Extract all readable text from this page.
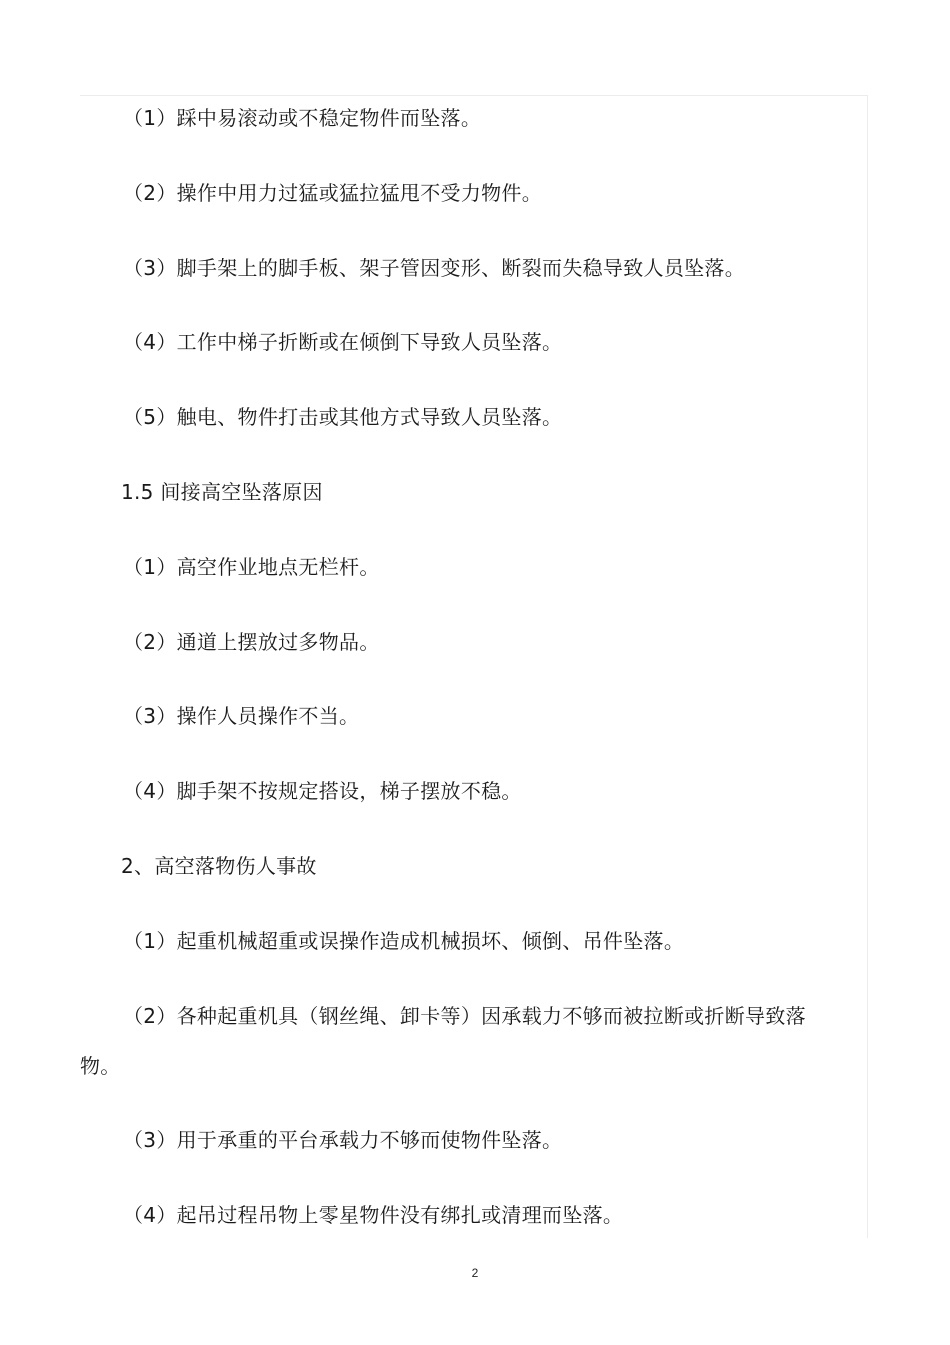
（1）踩中易滚动或不稳定物件而坠落。

（2）操作中用力过猛或猛拉猛甩不受力物件。

（3）脚手架上的脚手板、架子管因变形、断裂而失稳导致人员坠落。

（4）工作中梯子折断或在倾倒下导致人员坠落。

（5）触电、物件打击或其他方式导致人员坠落。

1.5 间接高空坠落原因

（1）高空作业地点无栏杆。

（2）通道上摆放过多物品。

（3）操作人员操作不当。

（4）脚手架不按规定搭设，梯子摆放不稳。

2、高空落物伤人事故

（1）起重机械超重或误操作造成机械损坏、倾倒、吊件坠落。

（2）各种起重机具（钢丝绳、卸卡等）因承载力不够而被拉断或折断导致落

物。

（3）用于承重的平台承载力不够而使物件坠落。

（4）起吊过程吊物上零星物件没有绑扎或清理而坠落。

2
